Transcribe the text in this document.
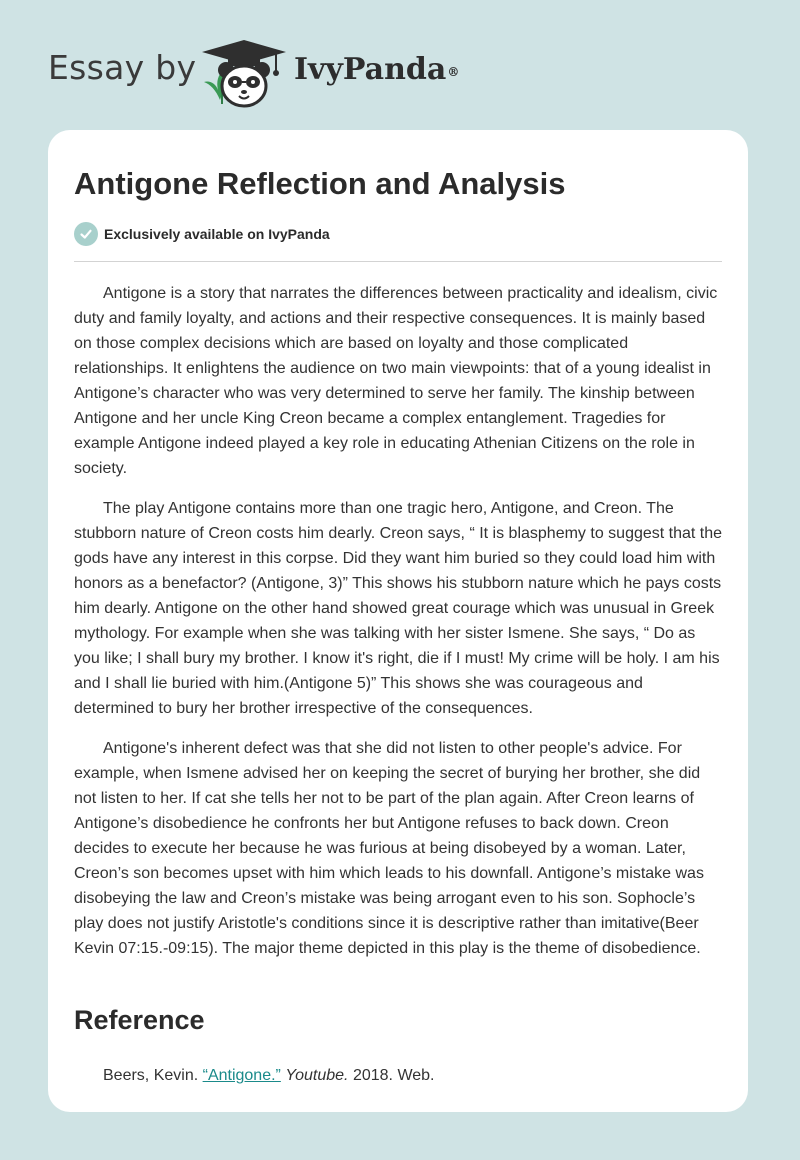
Essay by	IvyPanda®
Antigone Reflection and Analysis
Exclusively available on IvyPanda

Antigone is a story that narrates the differences between practicality and idealism, civic duty and family loyalty, and actions and their respective consequences. It is mainly based on those complex decisions which are based on loyalty and those complicated relationships. It enlightens the audience on two main viewpoints: that of a young idealist in Antigone’s character who was very determined to serve her family. The kinship between Antigone and her uncle King Creon became a complex entanglement. Tragedies for example Antigone indeed played a key role in educating Athenian Citizens on the role in society.

The play Antigone contains more than one tragic hero, Antigone, and Creon. The stubborn nature of Creon costs him dearly. Creon says, “ It is blasphemy to suggest that the gods have any interest in this corpse. Did they want him buried so they could load him with honors as a benefactor? (Antigone, 3)” This shows his stubborn nature which he pays costs him dearly. Antigone on the other hand showed great courage which was unusual in Greek mythology. For example when she was talking with her sister Ismene. She says, “ Do as you like; I shall bury my brother. I know it's right, die if I must! My crime will be holy. I am his and I shall lie buried with him.(Antigone 5)” This shows she was courageous and determined to bury her brother irrespective of the consequences.

Antigone's inherent defect was that she did not listen to other people's advice. For example, when Ismene advised her on keeping the secret of burying her brother, she did not listen to her. If cat she tells her not to be part of the plan again. After Creon learns of Antigone’s disobedience he confronts her but Antigone refuses to back down. Creon decides to execute her because he was furious at being disobeyed by a woman. Later, Creon’s son becomes upset with him which leads to his downfall. Antigone’s mistake was disobeying the law and Creon’s mistake was being arrogant even to his son. Sophocle’s play does not justify Aristotle's conditions since it is descriptive rather than imitative(Beer Kevin 07:15.-09:15). The major theme depicted in this play is the theme of disobedience.

Reference
Beers, Kevin. “Antigone.” Youtube. 2018. Web.
